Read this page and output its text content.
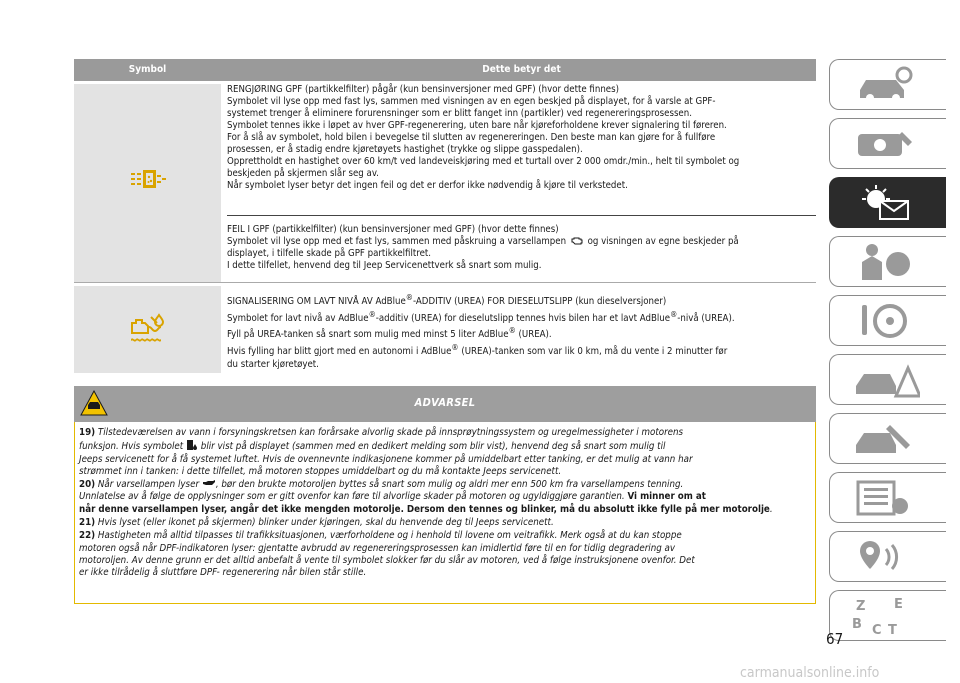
Symbol	Dette betyr det

RENGJØRING GPF (partikkelfilter) pågår (kun bensinversjoner med GPF) (hvor dette finnes)

Symbolet vil lyse opp med fast lys, sammen med visningen av en egen beskjed på displayet, for å varsle at GPF-

systemet trenger å eliminere forurensninger som er blitt fanget inn (partikler) ved regenereringsprosessen.

Symbolet tennes ikke i løpet av hver GPF-regenerering, uten bare når kjøreforholdene krever signalering til føreren.

For å slå av symbolet, hold bilen i bevegelse til slutten av regenereringen. Den beste man kan gjøre for å fullføre

prosessen, er å stadig endre kjøretøyets hastighet (trykke og slippe gasspedalen).

Opprettholdt en hastighet over 60 km/t ved landeveiskjøring med et turtall over 2 000 omdr./min., helt til symbolet og

beskjeden på skjermen slår seg av.

Når symbolet lyser betyr det ingen feil og det er derfor ikke nødvendig å kjøre til verkstedet.

FEIL I GPF (partikkelfilter) (kun bensinversjoner med GPF) (hvor dette finnes)

Symbolet vil lyse opp med et fast lys, sammen med påskruing a varsellampen og visningen av egne beskjeder på

displayet, i tilfelle skade på GPF partikkelfiltret.

I dette tilfellet, henvend deg til Jeep Servicenettverk så snart som mulig.

SIGNALISERING OM LAVT NIVÅ AV AdBlue®-ADDITIV (UREA) FOR DIESELUTSLIPP (kun dieselversjoner)

Symbolet for lavt nivå av AdBlue®-additiv (UREA) for dieselutslipp tennes hvis bilen har et lavt AdBlue®-nivå (UREA).

Fyll på UREA-tanken så snart som mulig med minst 5 liter AdBlue® (UREA).

Hvis fylling har blitt gjort med en autonomi i AdBlue® (UREA)-tanken som var lik 0 km, må du vente i 2 minutter før

du starter kjøretøyet.

ADVARSEL

19) Tilstedeværelsen av vann i forsyningskretsen kan forårsake alvorlig skade på innsprøytningssystem og uregelmessigheter i motorens
funksjon. Hvis symbolet blir vist på displayet (sammen med en dedikert melding som blir vist), henvend deg så snart som mulig til
Jeeps servicenett for å få systemet luftet. Hvis de ovennevnte indikasjonene kommer på umiddelbart etter tanking, er det mulig at vann har
strømmet inn i tanken: i dette tilfellet, må motoren stoppes umiddelbart og du må kontakte Jeeps servicenett.

20) Når varsellampen lyser , bør den brukte motoroljen byttes så snart som mulig og aldri mer enn 500 km fra varsellampens tenning.
Unnlatelse av å følge de opplysninger som er gitt ovenfor kan føre til alvorlige skader på motoren og ugyldiggjøre garantien. Vi minner om at
når denne varsellampen lyser, angår det ikke mengden motorolje. Dersom den tennes og blinker, må du absolutt ikke fylle på mer motorolje.

21) Hvis lyset (eller ikonet på skjermen) blinker under kjøringen, skal du henvende deg til Jeeps servicenett.

22) Hastigheten må alltid tilpasses til trafikksituasjonen, værforholdene og i henhold til lovene om veitrafikk. Merk også at du kan stoppe
motoren også når DPF-indikatoren lyser: gjentatte avbrudd av regenereringsprosessen kan imidlertid føre til en for tidlig degradering av
motoroljen. Av denne grunn er det alltid anbefalt å vente til symbolet slokker før du slår av motoren, ved å følge instruksjonene ovenfor. Det
er ikke tilrådelig å sluttføre DPF- regenerering når bilen står stille.

Z E
B C T
67
carmanualsonline.info
